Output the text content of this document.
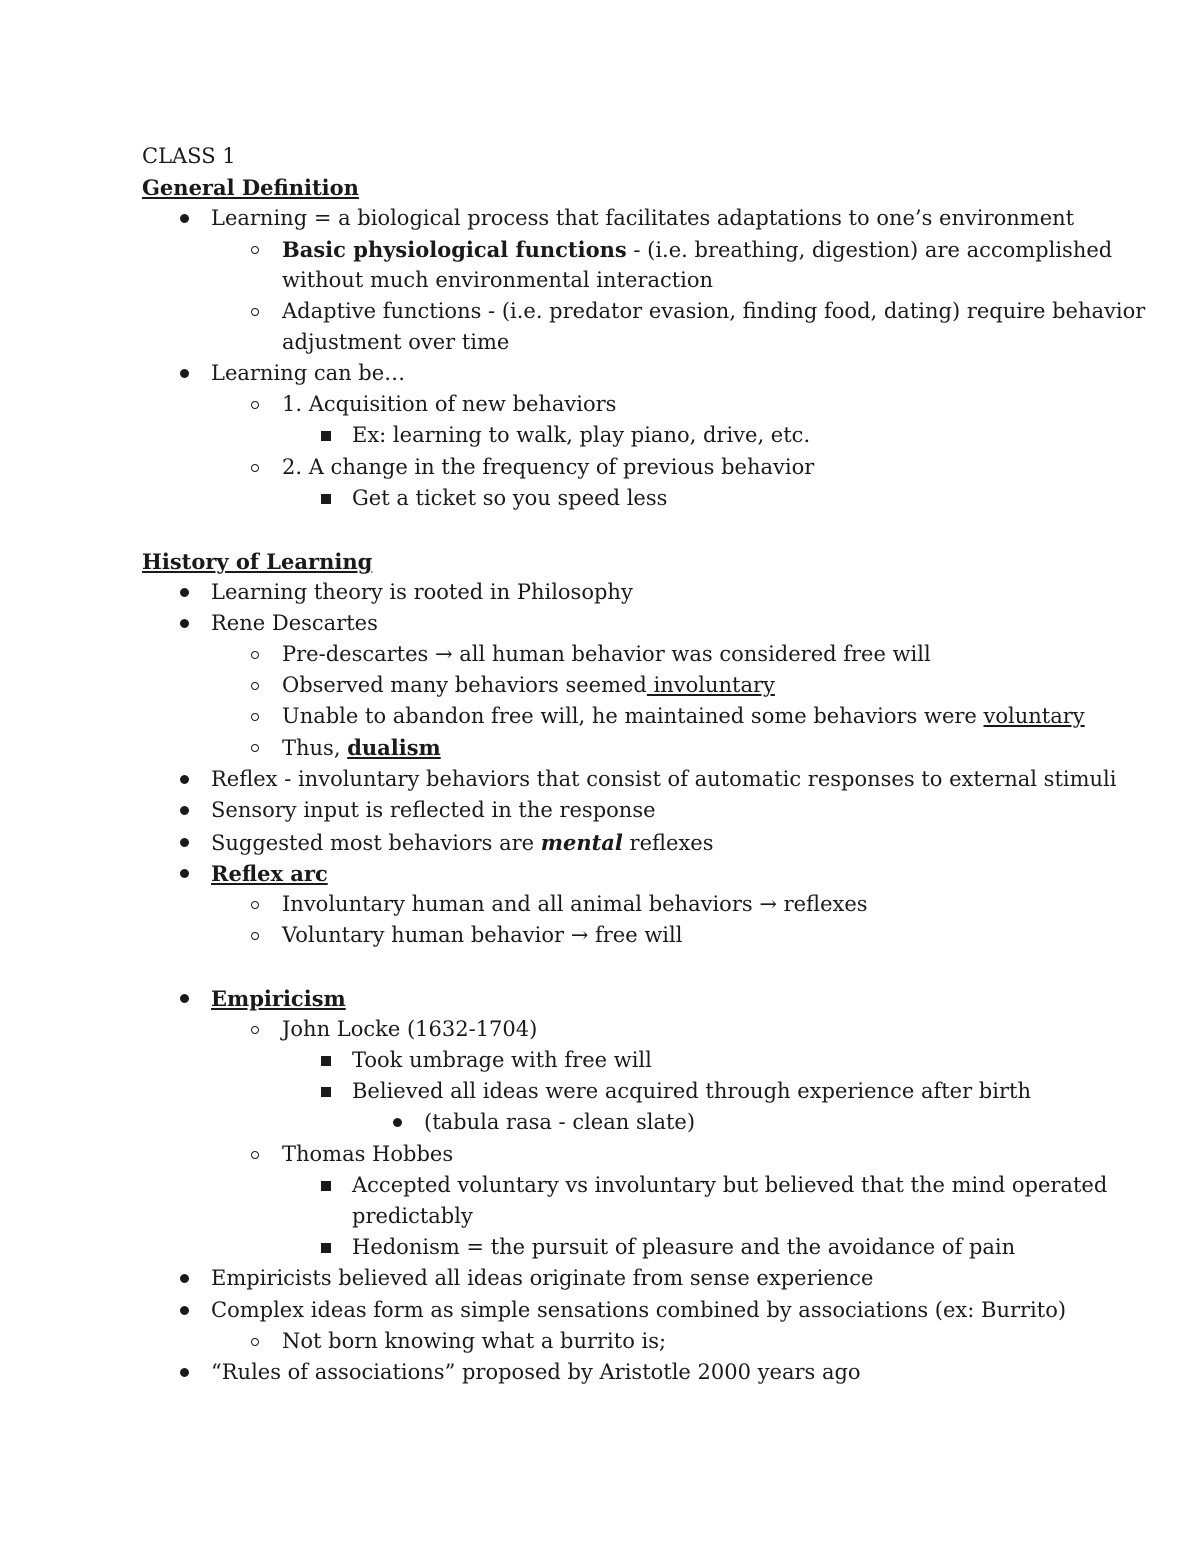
CLASS 1
General Definition
Learning = a biological process that facilitates adaptations to one’s environment
Basic physiological functions - (i.e. breathing, digestion) are accomplished
without much environmental interaction
Adaptive functions - (i.e. predator evasion, finding food, dating) require behavior
adjustment over time
Learning can be…
1. Acquisition of new behaviors
Ex: learning to walk, play piano, drive, etc.
2. A change in the frequency of previous behavior
Get a ticket so you speed less
History of Learning
Learning theory is rooted in Philosophy
Rene Descartes
Pre-descartes → all human behavior was considered free will
Observed many behaviors seemed involuntary
Unable to abandon free will, he maintained some behaviors were voluntary
Thus, dualism
Reflex - involuntary behaviors that consist of automatic responses to external stimuli
Sensory input is reflected in the response
Suggested most behaviors are mental reflexes
Reflex arc
Involuntary human and all animal behaviors → reflexes
Voluntary human behavior → free will
Empiricism
John Locke (1632-1704)
Took umbrage with free will
Believed all ideas were acquired through experience after birth
(tabula rasa - clean slate)
Thomas Hobbes
Accepted voluntary vs involuntary but believed that the mind operated
predictably
Hedonism = the pursuit of pleasure and the avoidance of pain
Empiricists believed all ideas originate from sense experience
Complex ideas form as simple sensations combined by associations (ex: Burrito)
Not born knowing what a burrito is;
“Rules of associations” proposed by Aristotle 2000 years ago
